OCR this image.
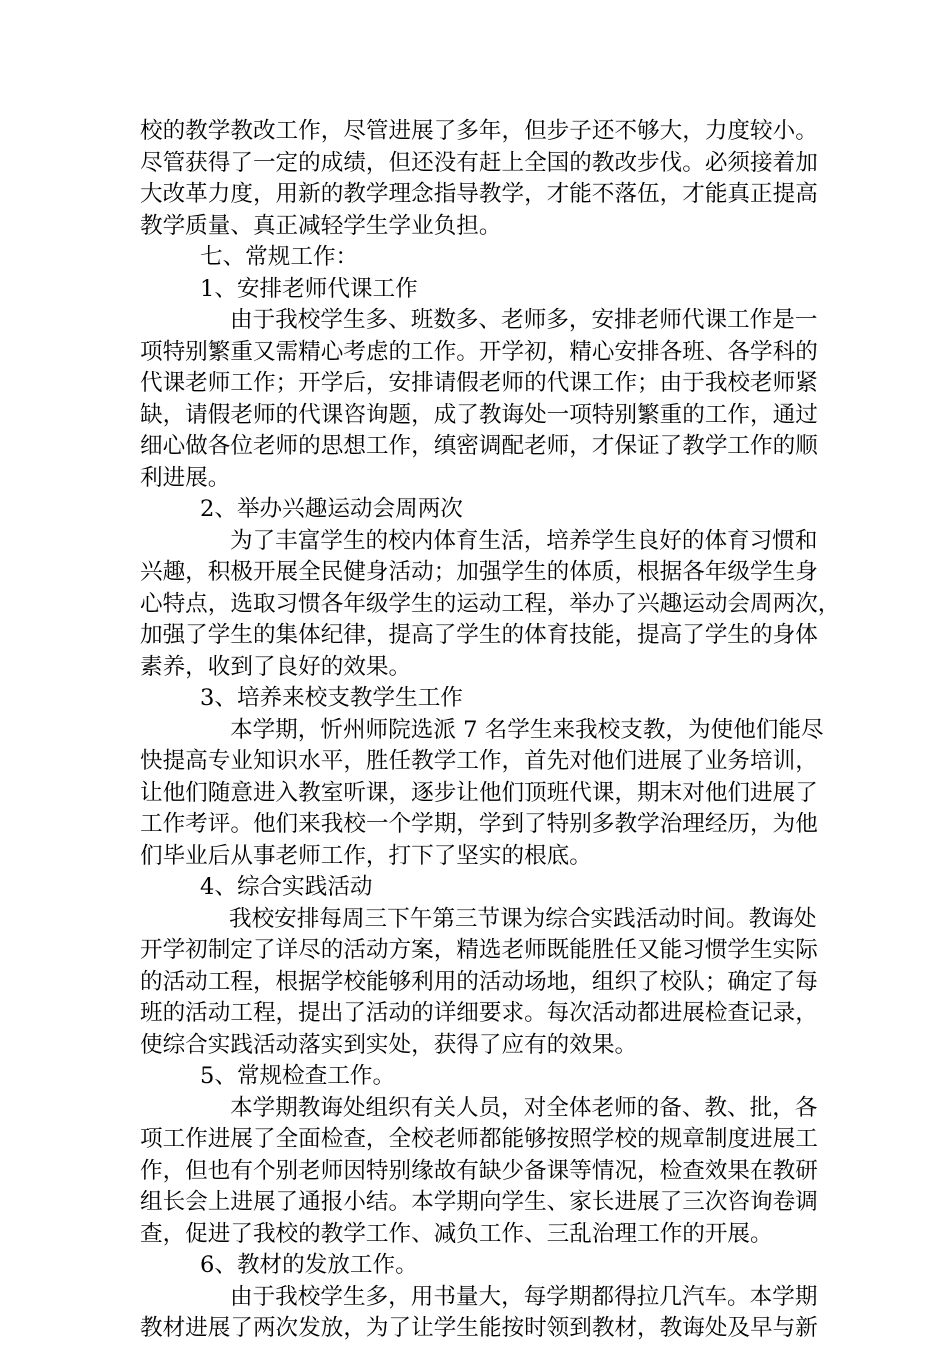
校的教学教改工作，尽管进展了多年，但步子还不够大，力度较小。
尽管获得了一定的成绩，但还没有赶上全国的教改步伐。必须接着加
大改革力度，用新的教学理念指导教学，才能不落伍，才能真正提高
教学质量、真正减轻学生学业负担。
七、常规工作：
1、安排老师代课工作
由于我校学生多、班数多、老师多，安排老师代课工作是一
项特别繁重又需精心考虑的工作。开学初，精心安排各班、各学科的
代课老师工作；开学后，安排请假老师的代课工作；由于我校老师紧
缺，请假老师的代课咨询题，成了教诲处一项特别繁重的工作，通过
细心做各位老师的思想工作，缜密调配老师，才保证了教学工作的顺
利进展。
2、举办兴趣运动会周两次
为了丰富学生的校内体育生活，培养学生良好的体育习惯和
兴趣，积极开展全民健身活动；加强学生的体质，根据各年级学生身
心特点，选取习惯各年级学生的运动工程，举办了兴趣运动会周两次，
加强了学生的集体纪律，提高了学生的体育技能，提高了学生的身体
素养，收到了良好的效果。
3、培养来校支教学生工作
本学期，忻州师院选派 7 名学生来我校支教，为使他们能尽
快提高专业知识水平，胜任教学工作，首先对他们进展了业务培训，
让他们随意进入教室听课，逐步让他们顶班代课，期末对他们进展了
工作考评。他们来我校一个学期，学到了特别多教学治理经历，为他
们毕业后从事老师工作，打下了坚实的根底。
4、综合实践活动
我校安排每周三下午第三节课为综合实践活动时间。教诲处
开学初制定了详尽的活动方案，精选老师既能胜任又能习惯学生实际
的活动工程，根据学校能够利用的活动场地，组织了校队；确定了每
班的活动工程，提出了活动的详细要求。每次活动都进展检查记录，
使综合实践活动落实到实处，获得了应有的效果。
5、常规检查工作。
本学期教诲处组织有关人员，对全体老师的备、教、批，各
项工作进展了全面检查，全校老师都能够按照学校的规章制度进展工
作，但也有个别老师因特别缘故有缺少备课等情况，检查效果在教研
组长会上进展了通报小结。本学期向学生、家长进展了三次咨询卷调
查，促进了我校的教学工作、减负工作、三乱治理工作的开展。
6、教材的发放工作。
由于我校学生多，用书量大，每学期都得拉几汽车。本学期
教材进展了两次发放，为了让学生能按时领到教材，教诲处及早与新
